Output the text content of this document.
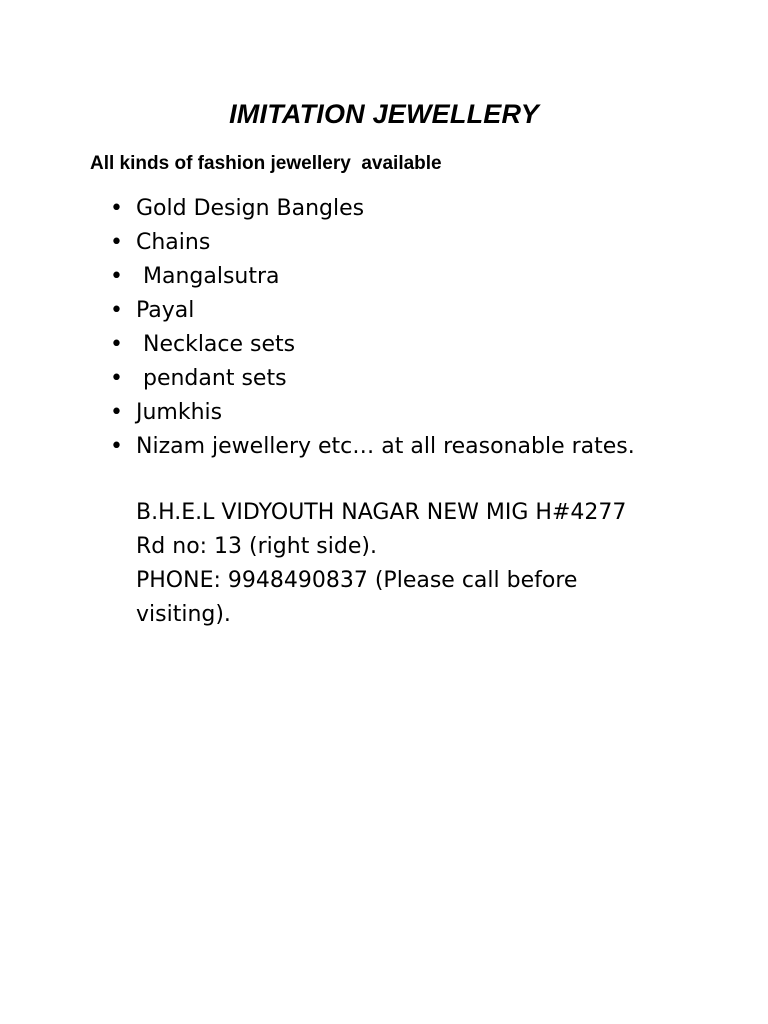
IMITATION JEWELLERY

All kinds of fashion jewellery  available

• Gold Design Bangles
• Chains
• Mangalsutra
• Payal
• Necklace sets
• pendant sets
• Jumkhis
• Nizam jewellery etc… at all reasonable rates.
B.H.E.L VIDYOUTH NAGAR NEW MIG H#4277
Rd no: 13 (right side).
PHONE: 9948490837 (Please call before
visiting).
